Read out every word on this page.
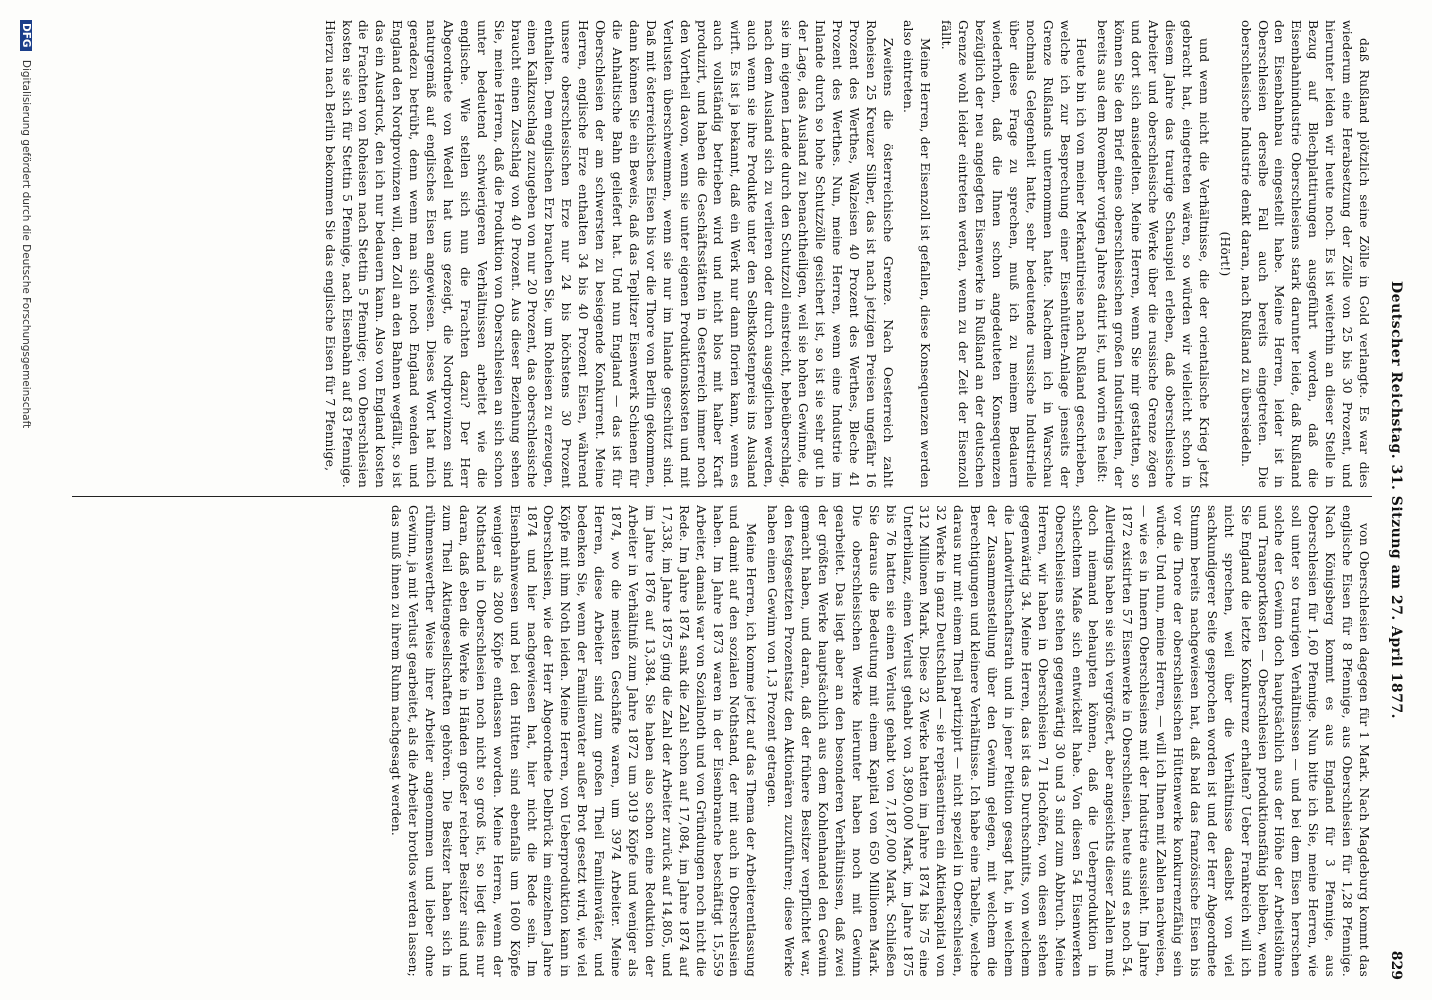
Deutscher Reichstag. 31. Sitzung am 27. April 1877.
829

daß Rußland plötzlich seine Zölle in Gold verlangte. Es war dies wiederum eine Herabsetzung der Zölle von 25 bis 30 Prozent, und hierunter leiden wir heute noch. Es ist weiterhin an dieser Stelle in Bezug auf Blechplattirungen ausgeführt worden, daß die Eisenbahnindustrie Oberschlesiens stark darunter leide, daß Rußland den Eisenbahnbau eingestellt habe. Meine Herren, leider ist in Oberschlesien derselbe Fall auch bereits eingetreten. Die oberschlesische Industrie denkt daran, nach Rußland zu übersiedeln.

(Hört!)

und wenn nicht die Verhältnisse, die der orientalische Krieg jetzt gebracht hat, eingetreten wären, so würden wir vielleicht schon in diesem Jahre das traurige Schauspiel erleben, daß oberschlesische Arbeiter und oberschlesische Werke über die russische Grenze zögen und dort sich ansiedelten. Meine Herren, wenn Sie mir gestatten, so können Sie den Brief eines oberschlesischen großen Industriellen, der bereits aus dem Rovember vorigen Jahres datirt ist, und worin es heißt:

Heute bin ich von meiner Merkantilreise nach Rußland geschrieben, welche ich zur Besprechung einer Eisenhütten-Anlage jenseits der Grenze Rußlands unternommen hatte. Nachdem ich in Warschau nochmals Gelegenheit hatte, sehr bedeutende russische Industrielle über diese Frage zu sprechen, muß ich zu meinem Bedauern wiederholen, daß die Ihnen schon angedeuteten Konsequenzen bezüglich der neu angelegten Eisenwerke in Rußland an der deutschen Grenze wohl leider eintreten werden, wenn zu der Zeit der Eisenzoll fällt.

Meine Herren, der Eisenzoll ist gefallen, diese Konsequenzen werden also eintreten.

Zweitens die österreichische Grenze. Nach Oesterreich zahlt Roheisen 25 Kreuzer Silber, das ist nach jetzigen Preisen ungefähr 16 Prozent des Werthes, Walzeisen 40 Prozent des Werthes, Bleche 41 Prozent des Werthes. Nun, meine Herren, wenn eine Industrie im Inlande durch so hohe Schutzzölle gesichert ist, so ist sie sehr gut in der Lage, das Ausland zu benachtheiligen, weil sie hohen Gewinne, die sie im eigenen Lande durch den Schutzzoll einstreicht, hebeüberschlag, nach dem Ausland sich zu verlieren oder durch ausgeglichen werden, auch wenn sie ihre Produkte unter den Selbstkostenpreis ins Ausland wirft. Es ist ja bekannt, daß ein Werk nur dann florien kann, wenn es auch vollständig betrieben wird und nicht blos mit halber Kraft produzirt, und haben die Geschäftsstätten in Oesterreich immer noch den Vortheil davon, wenn sie unter eigenen Produktionskosten und mit Verlusten überschwemmen, wenn sie nur im Inlande geschützt sind. Daß mit österreichisches Eisen bis vor die Thore von Berlin gekommen, dann können Sie ein Beweis, daß das Teplitzer Eisenwerk Schienen für die Anhaltische Bahn geliefert hat. Und nun England — das ist für Oberschlesien der am schwersten zu besiegende Konkurrent. Meine Herren, englische Erze enthalten 34 bis 40 Prozent Eisen, während unsere oberschlesischen Erze nur 24 bis höchstens 30 Prozent enthalten. Dem englischen Erz brauchen Sie, um Roheisen zu erzeugen, einen Kalkzuschlag zuzugeben von nur 20 Prozent, das oberschlesische braucht einen Zuschlag von 40 Prozent. Aus dieser Beziehung sehen Sie, meine Herren, daß die Produktion von Oberschlesien an sich schon unter bedeutend schwierigeren Verhältnissen arbeitet wie die englische. Wie stellen sich nun die Frachten dazu? Der Herr Abgeordnete von Wedell hat uns gezeigt, die Nordprovinzen sind naturgemäß auf englisches Eisen angewiesen. Dieses Wort hat mich geradezu betrübt, denn wenn man sich noch England wenden und England den Nordprovinzen will, den Zoll an den Bahnen wegfällt, so ist das ein Ausdruck, den ich nur bedauern kann. Also von England kosten die Frachten von Roheisen nach Stettin 5 Pfennige; von Oberschlesien kosten sie sich für Stettin 5 Pfennige, nach Eisenbahn auf 83 Pfennige. Hierzu nach Berlin bekommen Sie das englische Eisen für 7 Pfennige,

von Oberschlesien dagegen für 1 Mark. Nach Magdeburg kommt das englische Eisen für 8 Pfennige, aus Oberschlesien für 1,28 Pfennige. Nach Königsberg kommt es aus England für 3 Pfennige, aus Oberschlesien für 1,60 Pfennige. Nun bitte ich Sie, meine Herren, wie soll unter so traurigen Verhältnissen — und bei dem Eisen herrschen solche der Gewinn doch hauptsächlich aus der Höhe der Arbeitslöhne und Transportkosten — Oberschlesien produktionsfähig bleiben, wenn Sie England die letzte Konkurrenz erhalten? Ueber Frankreich will ich nicht sprechen, weil über die Verhältnisse daselbst von viel sachkundigerer Seite gesprochen worden ist und der Herr Abgeordnete Stumm bereits nachgewiesen hat, daß bald das französische Eisen bis vor die Thore der oberschlesischen Hüttenwerke konkurrenzfähig sein würde. Und nun, meine Herren, — will ich Ihnen mit Zahlen nachweisen, — wie es in Innern Oberschlesiens mit der Industrie aussieht. Im Jahre 1872 existirten 57 Eisenwerke in Oberschlesien, heute sind es noch 54. Allerdings haben sie sich vergrößert, aber angesichts dieser Zahlen muß doch niemand behaupten können, daß die Ueberproduktion in schlechtem Maße sich entwickelt habe. Von diesen 54 Eisenwerken Oberschlesiens stehen gegenwärtig 30 und 3 sind zum Abbruch. Meine Herren, wir haben in Oberschlesien 71 Hochöfen, von diesen stehen gegenwärtig 34. Meine Herren, das ist das Durchschnitts, von welchem die Landwirthschaftsrath und in jener Petition gesagt hat, in welchem der Zusammenstellung über den Gewinn gelegen, mit welchem die Berechtigungen und kleinere Verhältnisse. Ich habe eine Tabelle, welche daraus nur mit einem Theil partizipirt — nicht speziell in Oberschlesien, 32 Werke in ganz Deutschland — sie repräsentiren ein Aktienkapital von 312 Millionen Mark. Diese 32 Werke hatten im Jahre 1874 bis 75 eine Unterbilanz, einen Verlust gehabt von 3,890,000 Mark, im Jahre 1875 bis 76 hatten sie einen Verlust gehabt von 7,187,000 Mark. Schließen Sie daraus die Bedeutung mit einem Kapital von 650 Millionen Mark. Die oberschlesischen Werke hierunter haben noch mit Gewinn gearbeitet. Das liegt aber an den besonderen Verhältnissen, daß zwei der größten Werke hauptsächlich aus dem Kohlenhandel den Gewinn gemacht haben, und daran, daß der frühere Besitzer verpflichtet war, den festgesetzten Prozentsatz den Aktionären zuzuführen; diese Werke haben einen Gewinn von 1,3 Prozent getragen.

Meine Herren, ich komme jetzt auf das Thema der Arbeiterentlassung und damit auf den sozialen Nothstand, der mit auch in Oberschlesien haben. Im Jahre 1873 waren in der Eisenbranche beschäftigt 15,559 Arbeiter, damals war von Sozialnoth und von Gründungen noch nicht die Rede. Im Jahre 1874 sank die Zahl schon auf 17,084, im Jahre 1874 auf 17,338, im Jahre 1875 ging die Zahl der Arbeiter zurück auf 14,805, und im Jahre 1876 auf 13,384. Sie haben also schon eine Reduktion der Arbeiter in Verhältniß zum Jahre 1872 um 3019 Köpfe und weniger als 1874, wo die meisten Geschäfte waren, um 3974 Arbeiter. Meine Herren, diese Arbeiter sind zum großen Theil Familienväter, und bedenken Sie, wenn der Familienvater außer Brot gesetzt wird, wie viel Köpfe mit ihm Noth leiden. Meine Herren, von Ueberproduktion kann in Oberschlesien, wie der Herr Abgeordnete Delbrück im einzelnen Jahre 1874 und hier nachgewiesen hat, hier nicht die Rede sein. Im Eisenbahnwesen und bei den Hütten sind ebenfalls um 1600 Köpfe weniger als 2800 Köpfe entlassen worden. Meine Herren, wenn der Nothstand in Oberschlesien noch nicht so groß ist, so liegt dies nur daran, daß eben die Werke in Händen großer reicher Besitzer sind und zum Theil Aktiengesellschaften gehören. Die Besitzer haben sich in rühmenswerther Weise ihrer Arbeiter angenommen und lieber ohne Gewinn, ja mit Verlust gearbeitet, als die Arbeiter brotlos werden lassen; das muß ihnen zu ihrem Ruhm nachgesagt werden.

DFG Digitalisierung gefördert durch die Deutsche Forschungsgemeinschaft
